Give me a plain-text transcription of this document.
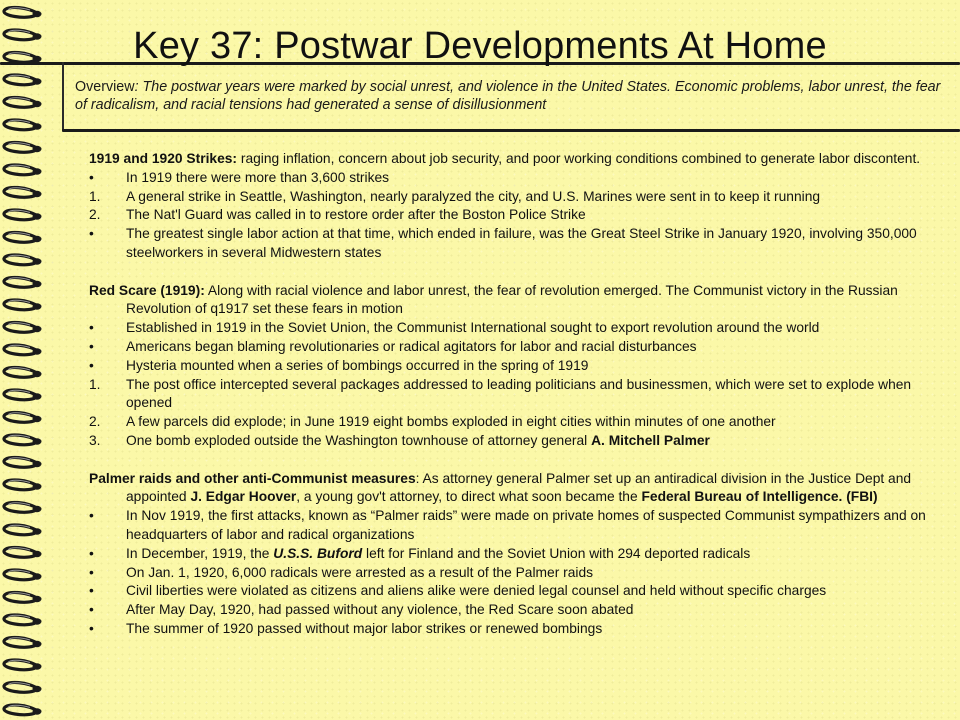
Key 37: Postwar Developments At Home
Overview: The postwar years were marked by social unrest, and violence in the United States. Economic problems, labor unrest, the fear of radicalism, and racial tensions had generated a sense of disillusionment

1919 and 1920 Strikes: raging inflation, concern about job security, and poor working conditions combined to generate labor discontent.

•	In 1919 there were more than 3,600 strikes
1.	A general strike in Seattle, Washington, nearly paralyzed the city, and U.S. Marines were sent in to keep it running
2.	The Nat'l Guard was called in to restore order after the Boston Police Strike
•	The greatest single labor action at that time, which ended in failure, was the Great Steel Strike in January 1920, involving 350,000 steelworkers in several Midwestern states

Red Scare (1919): Along with racial violence and labor unrest, the fear of revolution emerged. The Communist victory in the Russian Revolution of q1917 set these fears in motion

•	Established in 1919 in the Soviet Union, the Communist International sought to export revolution around the world
•	Americans began blaming revolutionaries or radical agitators for labor and racial disturbances
•	Hysteria mounted when a series of bombings occurred in the spring of 1919
1.	The post office intercepted several packages addressed to leading politicians and businessmen, which were set to explode when opened
2.	A few parcels did explode; in June 1919 eight bombs exploded in eight cities within minutes of one another
3.	One bomb exploded outside the Washington townhouse of attorney general A. Mitchell Palmer

Palmer raids and other anti-Communist measures: As attorney general Palmer set up an antiradical division in the Justice Dept and appointed J. Edgar Hoover, a young gov't attorney, to direct what soon became the Federal Bureau of Intelligence. (FBI)

•	In Nov 1919, the first attacks, known as “Palmer raids” were made on private homes of suspected Communist sympathizers and on headquarters of labor and radical organizations
•	In December, 1919, the U.S.S. Buford left for Finland and the Soviet Union with 294 deported radicals
•	On Jan. 1, 1920, 6,000 radicals were arrested as a result of the Palmer raids
•	Civil liberties were violated as citizens and aliens alike were denied legal counsel and held without specific charges
•	After May Day, 1920, had passed without any violence, the Red Scare soon abated
•	The summer of 1920 passed without major labor strikes or renewed bombings
